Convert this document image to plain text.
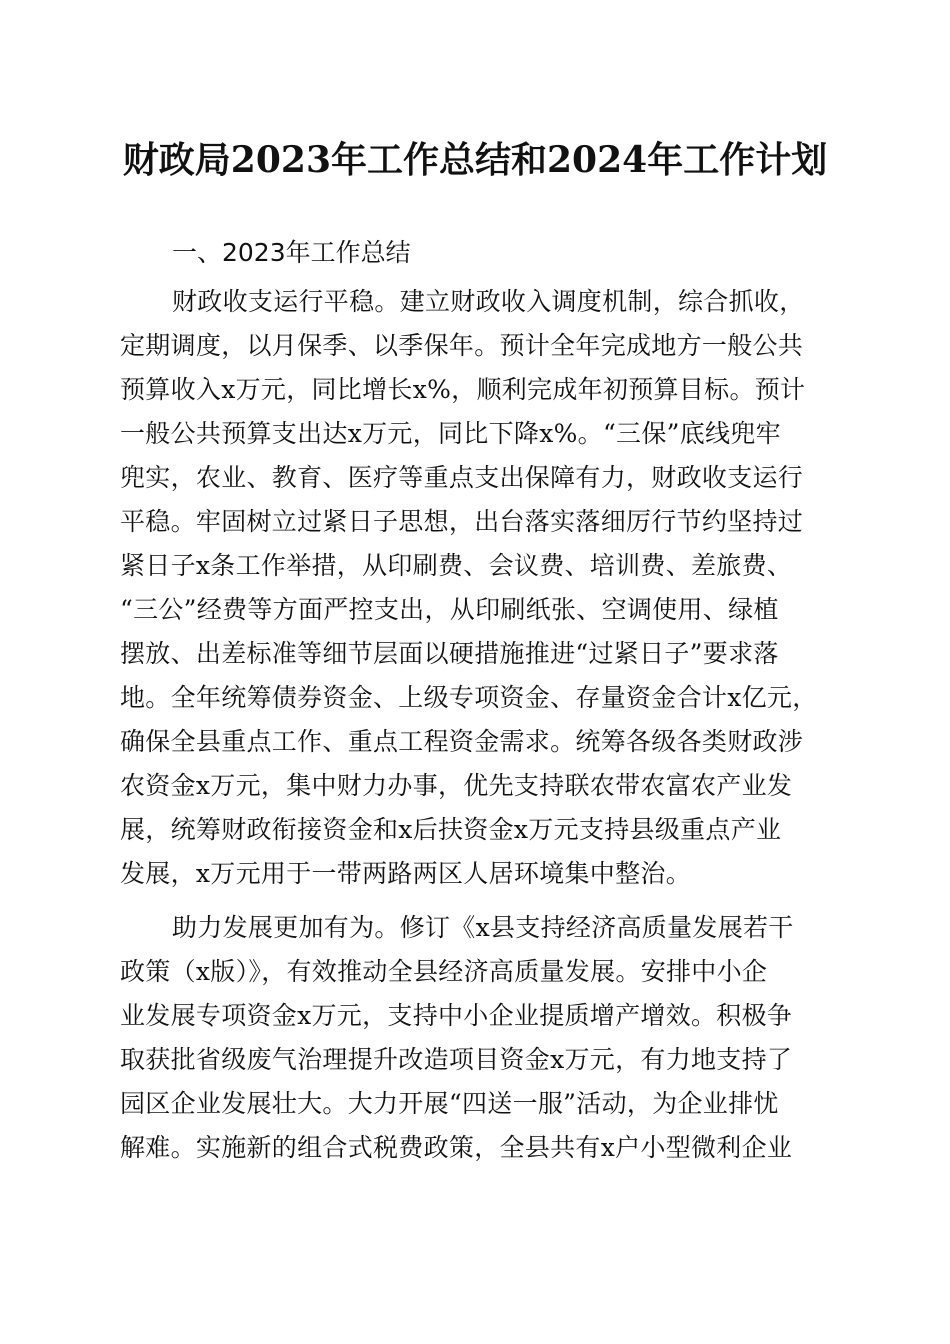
财政局2023年工作总结和2024年工作计划
一、2023年工作总结
财政收支运行平稳。建立财政收入调度机制，综合抓收，
定期调度，以月保季、以季保年。预计全年完成地方一般公共
预算收入x万元，同比增长x%，顺利完成年初预算目标。预计
一般公共预算支出达x万元，同比下降x%。“三保”底线兜牢
兜实，农业、教育、医疗等重点支出保障有力，财政收支运行
平稳。牢固树立过紧日子思想，出台落实落细厉行节约坚持过
紧日子x条工作举措，从印刷费、会议费、培训费、差旅费、
“三公”经费等方面严控支出，从印刷纸张、空调使用、绿植
摆放、出差标准等细节层面以硬措施推进“过紧日子”要求落
地。全年统筹债券资金、上级专项资金、存量资金合计x亿元，
确保全县重点工作、重点工程资金需求。统筹各级各类财政涉
农资金x万元，集中财力办事，优先支持联农带农富农产业发
展，统筹财政衔接资金和x后扶资金x万元支持县级重点产业
发展，x万元用于一带两路两区人居环境集中整治。
助力发展更加有为。修订《x县支持经济高质量发展若干
政策（x版）》，有效推动全县经济高质量发展。安排中小企
业发展专项资金x万元，支持中小企业提质增产增效。积极争
取获批省级废气治理提升改造项目资金x万元，有力地支持了
园区企业发展壮大。大力开展“四送一服”活动，为企业排忧
解难。实施新的组合式税费政策，全县共有x户小型微利企业
